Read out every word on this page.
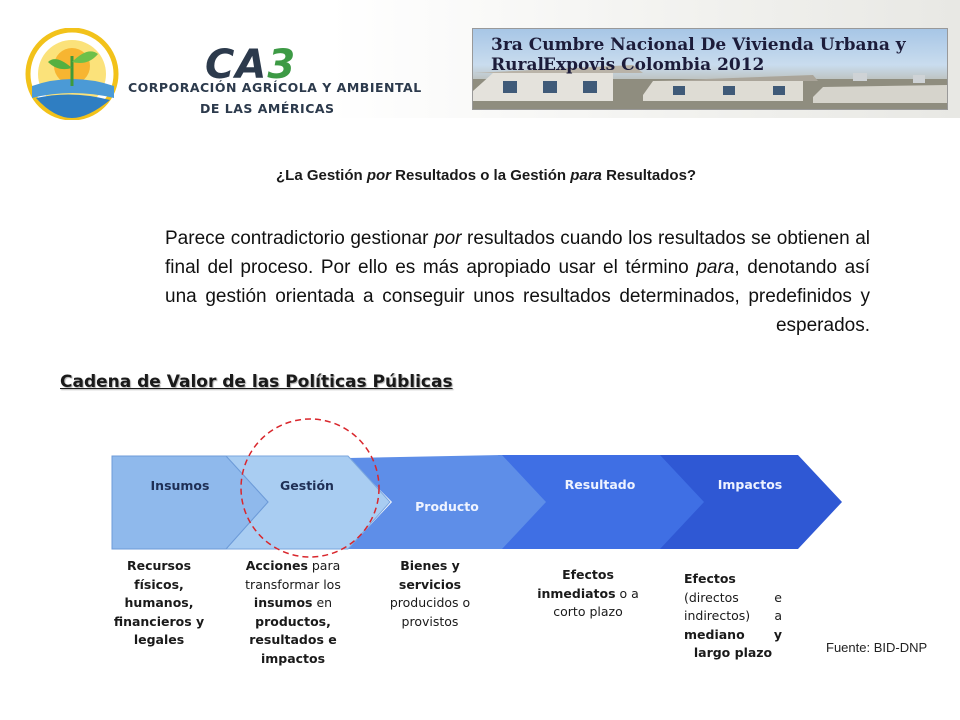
CA3
CORPORACIÓN AGRÍCOLA Y AMBIENTAL
DE LAS AMÉRICAS
3ra Cumbre Nacional De Vivienda Urbana y Rural Expovis Colombia 2012
¿La Gestión por Resultados o la Gestión para Resultados?
Parece contradictorio gestionar por resultados cuando los resultados se obtienen al final del proceso. Por ello es más apropiado usar el término para, denotando así una gestión orientada a conseguir unos resultados determinados, predefinidos y esperados.
Cadena de Valor de las Políticas Públicas
Insumos	Gestión
Producto
Resultado	Impactos
Recursos físicos, humanos, financieros y legales
Acciones para transformar los insumos en productos, resultados e impactos
Bienes y servicios producidos o provistos
Efectos inmediatos o a corto plazo
Efectos (directos e indirectos) a mediano y largo plazo	Fuente: BID-DNP
